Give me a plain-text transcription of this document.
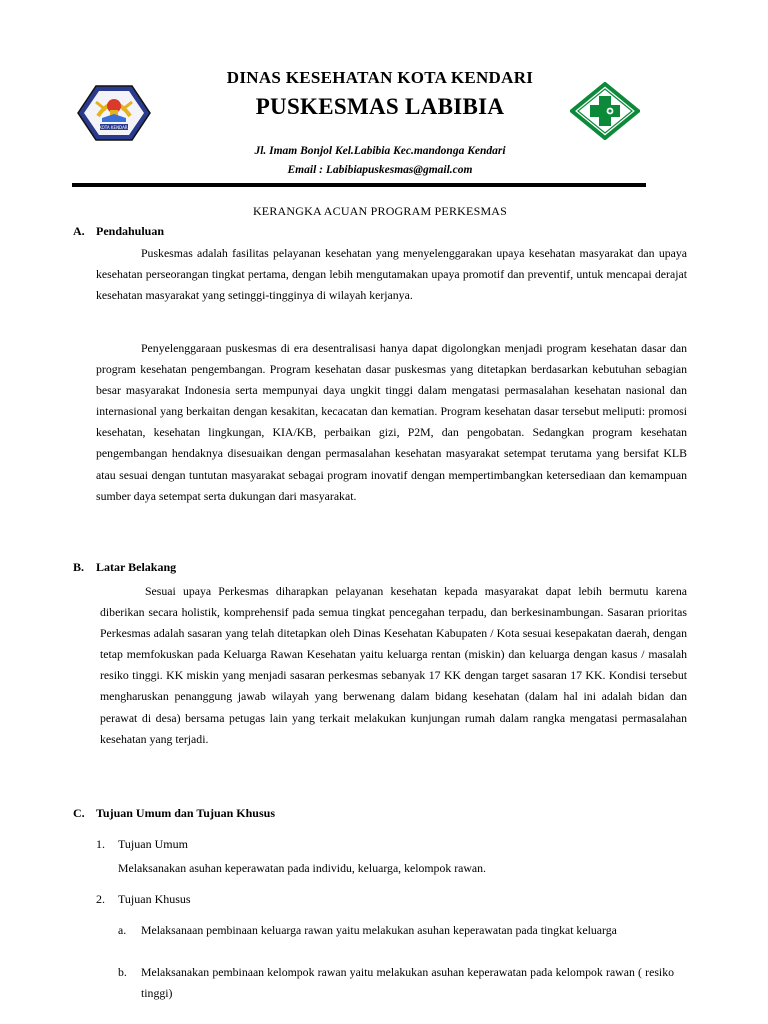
KOTA KENDARI
DINAS KESEHATAN KOTA KENDARI
PUSKESMAS LABIBIA
Jl. Imam Bonjol Kel.Labibia Kec.mandonga Kendari
Email : Labibiapuskesmas@gmail.com
KERANGKA ACUAN PROGRAM PERKESMAS
A. Pendahuluan

Puskesmas adalah fasilitas pelayanan kesehatan yang menyelenggarakan upaya kesehatan masyarakat dan upaya kesehatan perseorangan tingkat pertama, dengan lebih mengutamakan upaya promotif dan preventif, untuk mencapai derajat kesehatan masyarakat yang setinggi-tingginya di wilayah kerjanya.

Penyelenggaraan puskesmas di era desentralisasi hanya dapat digolongkan menjadi program kesehatan dasar dan program kesehatan pengembangan. Program kesehatan dasar puskesmas yang ditetapkan berdasarkan kebutuhan sebagian besar masyarakat Indonesia serta mempunyai daya ungkit tinggi dalam mengatasi permasalahan kesehatan nasional dan internasional yang berkaitan dengan kesakitan, kecacatan dan kematian. Program kesehatan dasar tersebut meliputi: promosi kesehatan, kesehatan lingkungan, KIA/KB, perbaikan gizi, P2M, dan pengobatan. Sedangkan program kesehatan pengembangan hendaknya disesuaikan dengan permasalahan kesehatan masyarakat setempat terutama yang bersifat KLB atau sesuai dengan tuntutan masyarakat sebagai program inovatif dengan mempertimbangkan ketersediaan dan kemampuan sumber daya setempat serta dukungan dari masyarakat.

B. Latar Belakang

Sesuai upaya Perkesmas diharapkan pelayanan kesehatan kepada masyarakat dapat lebih bermutu karena diberikan secara holistik, komprehensif pada semua tingkat pencegahan terpadu, dan berkesinambungan. Sasaran prioritas Perkesmas adalah sasaran yang telah ditetapkan oleh Dinas Kesehatan Kabupaten / Kota sesuai kesepakatan daerah, dengan tetap memfokuskan pada Keluarga Rawan Kesehatan yaitu keluarga rentan (miskin) dan keluarga dengan kasus / masalah resiko tinggi. KK miskin yang menjadi sasaran perkesmas sebanyak 17 KK dengan target sasaran 17 KK. Kondisi tersebut mengharuskan penanggung jawab wilayah yang berwenang dalam bidang kesehatan (dalam hal ini adalah bidan dan perawat di desa) bersama petugas lain yang terkait melakukan kunjungan rumah dalam rangka mengatasi permasalahan kesehatan yang terjadi.

C. Tujuan Umum dan Tujuan Khusus
1. Tujuan Umum
Melaksanakan asuhan keperawatan pada individu, keluarga, kelompok rawan.
2. Tujuan Khusus
a. Melaksanaan pembinaan keluarga rawan yaitu melakukan asuhan keperawatan pada tingkat keluarga
b. Melaksanakan pembinaan kelompok rawan yaitu melakukan asuhan keperawatan pada kelompok rawan ( resiko tinggi)
